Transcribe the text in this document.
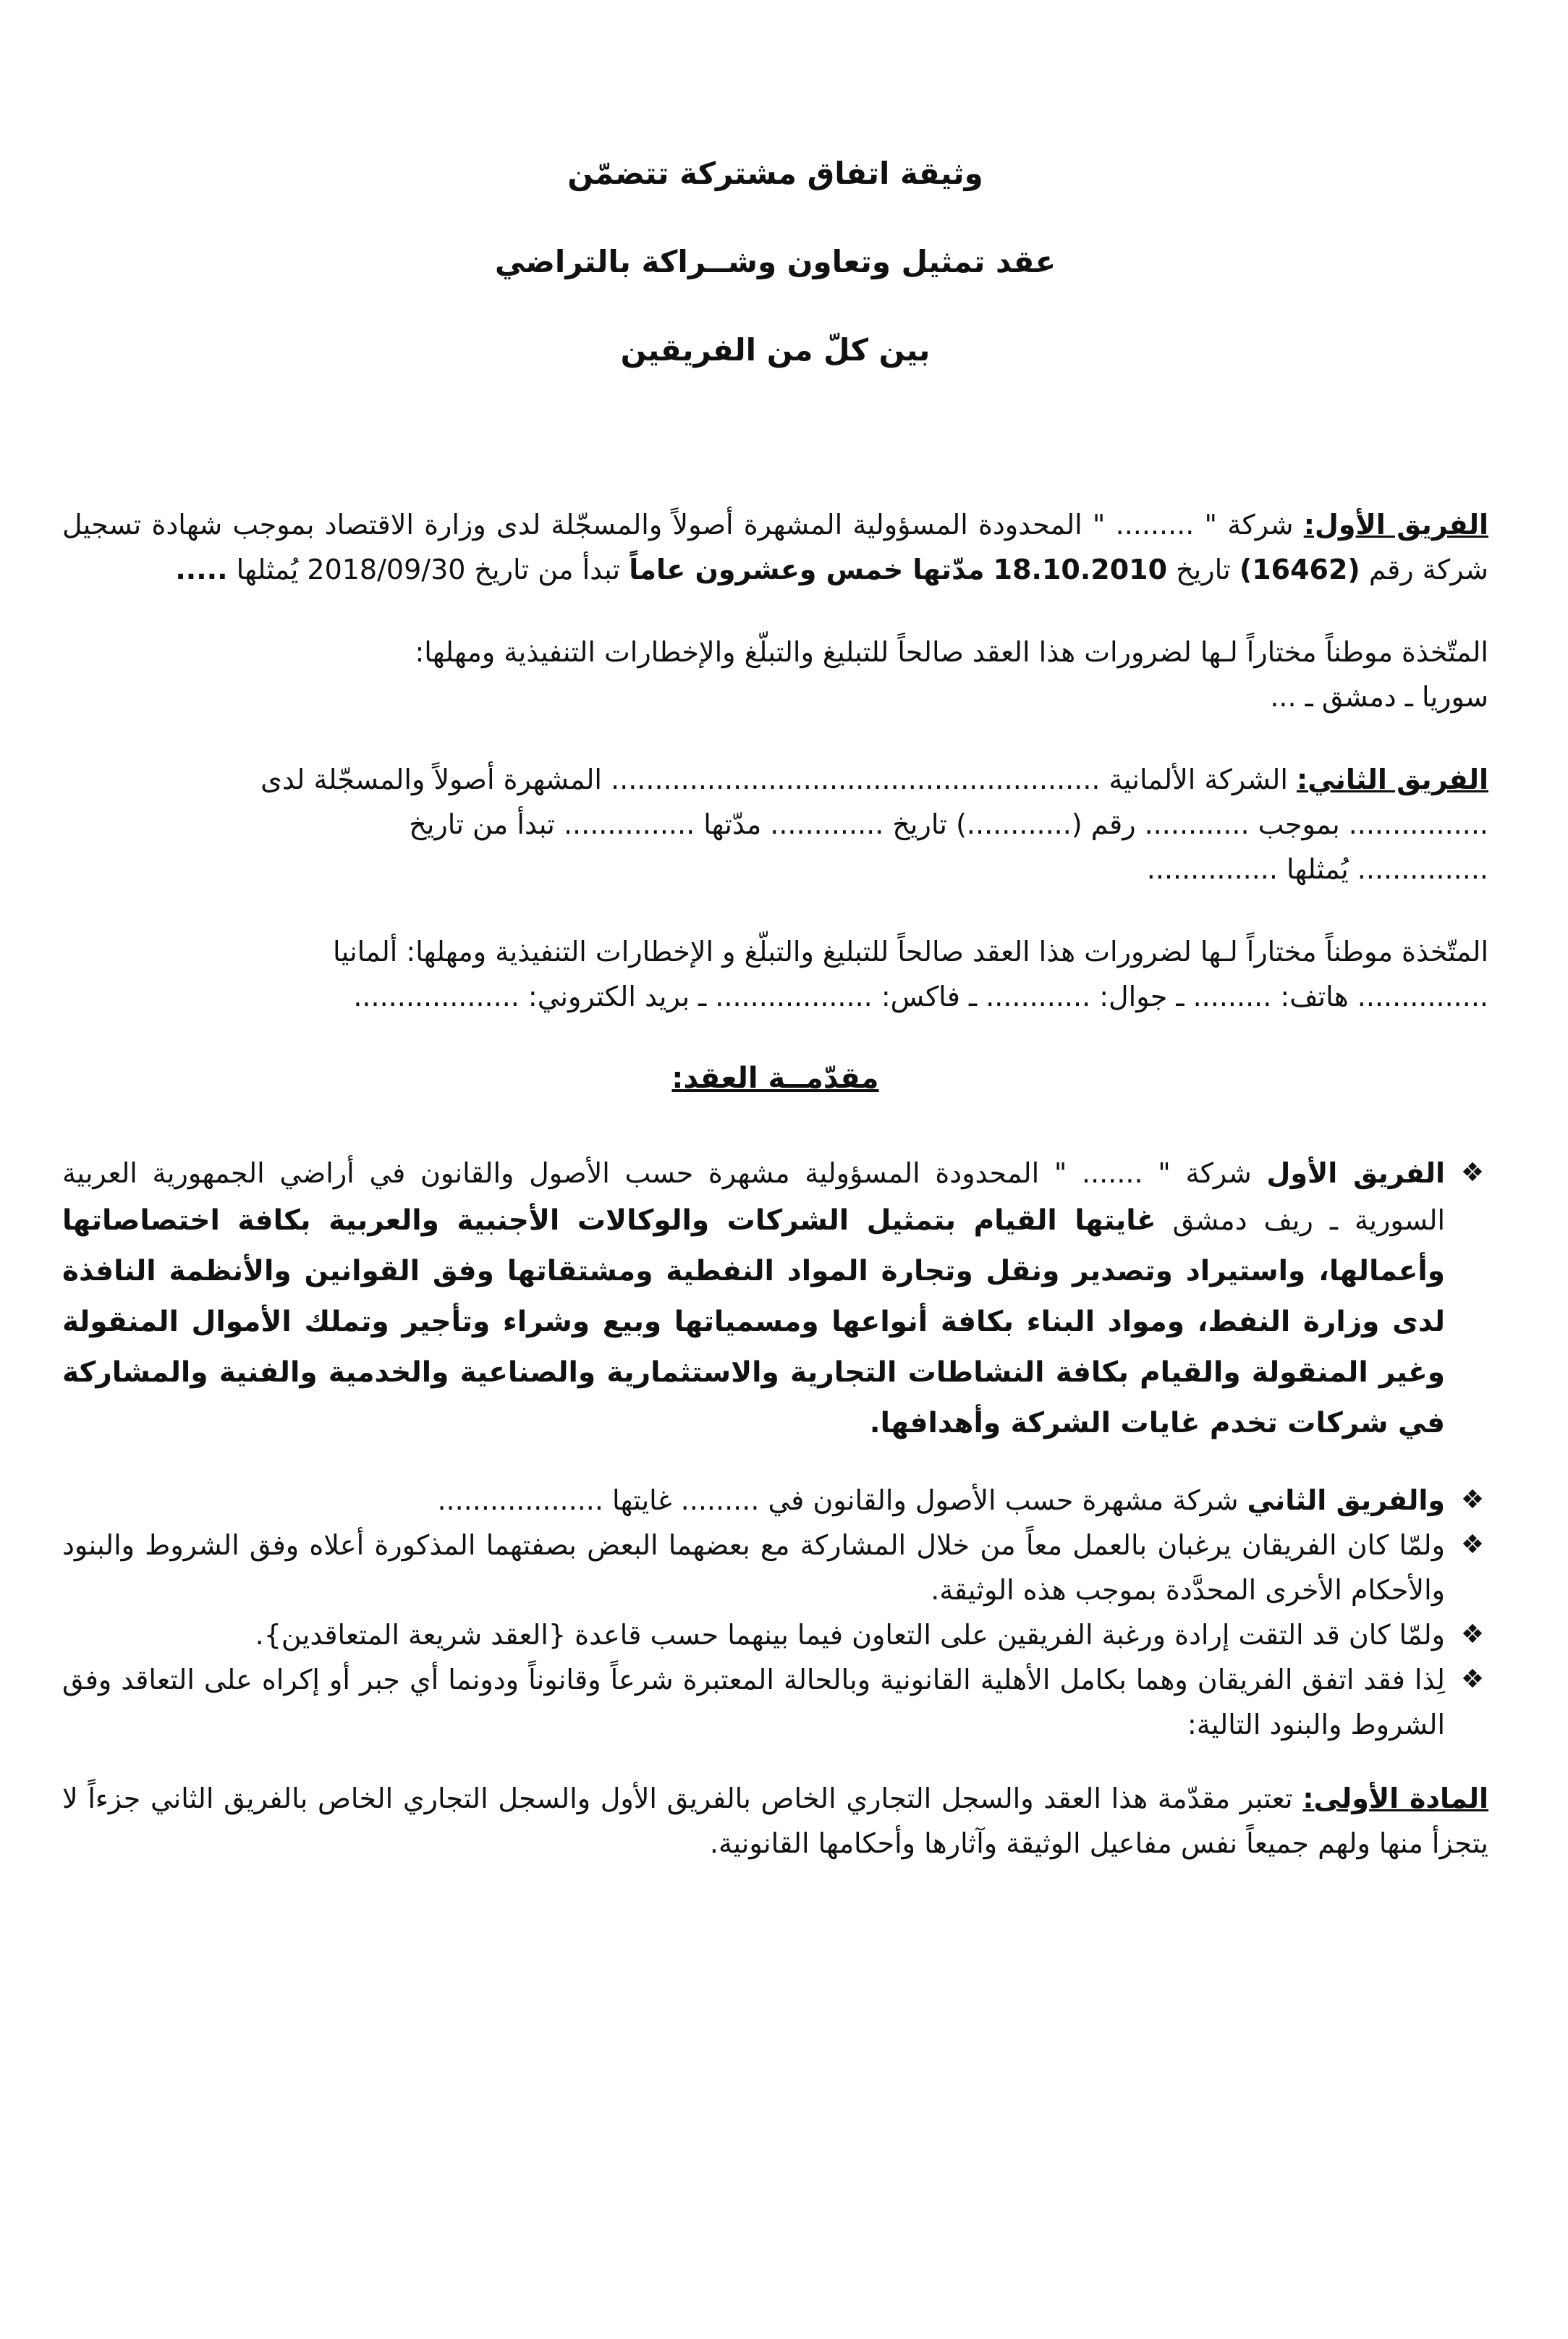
وثيقة اتفاق مشتركة تتضمّن

عقد تمثيل وتعاون وشــراكة بالتراضي

بين كلّ من الفريقين

الفريق الأول: شركة " ......... " المحدودة المسؤولية المشهرة أصولاً والمسجّلة لدى وزارة الاقتصاد بموجب شهادة تسجيل شركة رقم (16462) تاريخ 18.10.2010 مدّتها خمس وعشرون عاماً تبدأ من تاريخ 2018/09/30 يُمثلها .....

المتّخذة موطناً مختاراً لـها لضرورات هذا العقد صالحاً للتبليغ والتبلّغ والإخطارات التنفيذية ومهلها:

سوريا ـ دمشق ـ ...

الفريق الثاني: الشركة الألمانية ........................................................ المشهرة أصولاً والمسجّلة لدى

................ بموجب ............ رقم (............) تاريخ ............. مدّتها ............... تبدأ من تاريخ

............... يُمثلها ...............

المتّخذة موطناً مختاراً لـها لضرورات هذا العقد صالحاً للتبليغ والتبلّغ و الإخطارات التنفيذية ومهلها: ألمانيا

............... هاتف: ......... ـ جوال: ............ ـ فاكس: .................. ـ بريد الكتروني: ...................

مقدّمــة العقد:

❖
الفريق الأول شركة " ....... " المحدودة المسؤولية مشهرة حسب الأصول والقانون في أراضي الجمهورية العربية السورية ـ ريف دمشق غايتها القيام بتمثيل الشركات والوكالات الأجنبية والعربية بكافة اختصاصاتها وأعمالها، واستيراد وتصدير ونقل وتجارة المواد النفطية ومشتقاتها وفق القوانين والأنظمة النافذة لدى وزارة النفط، ومواد البناء بكافة أنواعها ومسمياتها وبيع وشراء وتأجير وتملك الأموال المنقولة وغير المنقولة والقيام بكافة النشاطات التجارية والاستثمارية والصناعية والخدمية والفنية والمشاركة في شركات تخدم غايات الشركة وأهدافها.
❖
والفريق الثاني شركة مشهرة حسب الأصول والقانون في ......... غايتها ...................
❖
ولمّا كان الفريقان يرغبان بالعمل معاً من خلال المشاركة مع بعضهما البعض بصفتهما المذكورة أعلاه وفق الشروط والبنود والأحكام الأخرى المحدَّدة بموجب هذه الوثيقة.
❖
ولمّا كان قد التقت إرادة ورغبة الفريقين على التعاون فيما بينهما حسب قاعدة {العقد شريعة المتعاقدين}.
❖
لِذا فقد اتفق الفريقان وهما بكامل الأهلية القانونية وبالحالة المعتبرة شرعاً وقانوناً ودونما أي جبر أو إكراه على التعاقد وفق الشروط والبنود التالية:

المادة الأولى: تعتبر مقدّمة هذا العقد والسجل التجاري الخاص بالفريق الأول والسجل التجاري الخاص بالفريق الثاني جزءاً لا يتجزأ منها ولهم جميعاً نفس مفاعيل الوثيقة وآثارها وأحكامها القانونية.
